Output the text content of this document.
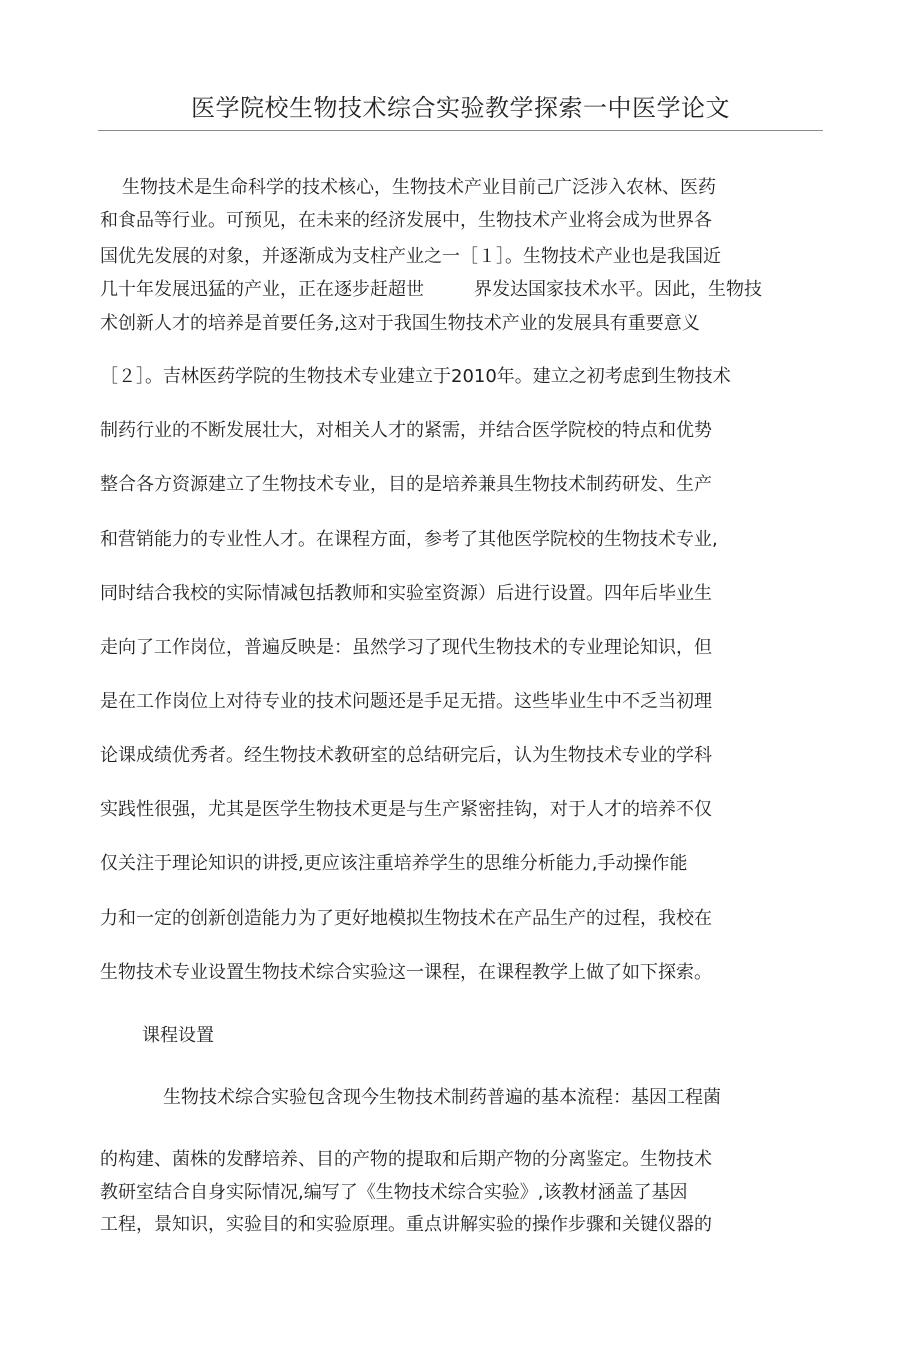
医学院校生物技术综合实验教学探索一中医学论文
生物技术是生命科学的技术核心，生物技术产业目前己广泛涉入农林、医药
和食品等行业。可预见，在未来的经济发展中，生物技术产业将会成为世界各
国优先发展的对象，并逐渐成为支柱产业之一［１］。生物技术产业也是我国近
几十年发展迅猛的产业，正在逐步赶超世	界发达国家技术水平。因此，生物技
术创新人才的培养是首要任务,这对于我国生物技术产业的发展具有重要意义
［２］。吉林医药学院的生物技术专业建立于2010年。建立之初考虑到生物技术
制药行业的不断发展壮大，对相关人才的紧需，并结合医学院校的特点和优势
整合各方资源建立了生物技术专业，目的是培养兼具生物技术制药研发、生产
和营销能力的专业性人才。在课程方面，参考了其他医学院校的生物技术专业,
同时结合我校的实际情减包括教师和实验室资源）后进行设置。四年后毕业生
走向了工作岗位，普遍反映是：虽然学习了现代生物技术的专业理论知识，但
是在工作岗位上对待专业的技术问题还是手足无措。这些毕业生中不乏当初理
论课成绩优秀者。经生物技术教研室的总结研完后，认为生物技术专业的学科
实践性很强，尤其是医学生物技术更是与生产紧密挂钩，对于人才的培养不仅
仅关注于理论知识的讲授,更应该注重培养学生的思维分析能力,手动操作能
力和一定的创新创造能力为了更好地模拟生物技术在产品生产的过程，我校在
生物技术专业设置生物技术综合实验这一课程，在课程教学上做了如下探索。
课程设置
生物技术综合实验包含现今生物技术制药普遍的基本流程：基因工程菌
的构建、菌株的发酵培养、目的产物的提取和后期产物的分离鉴定。生物技术
教研室结合自身实际情况,编写了《生物技术综合实验》,该教材涵盖了基因
工程，景知识，实验目的和实验原理。重点讲解实验的操作步骤和关键仪器的
